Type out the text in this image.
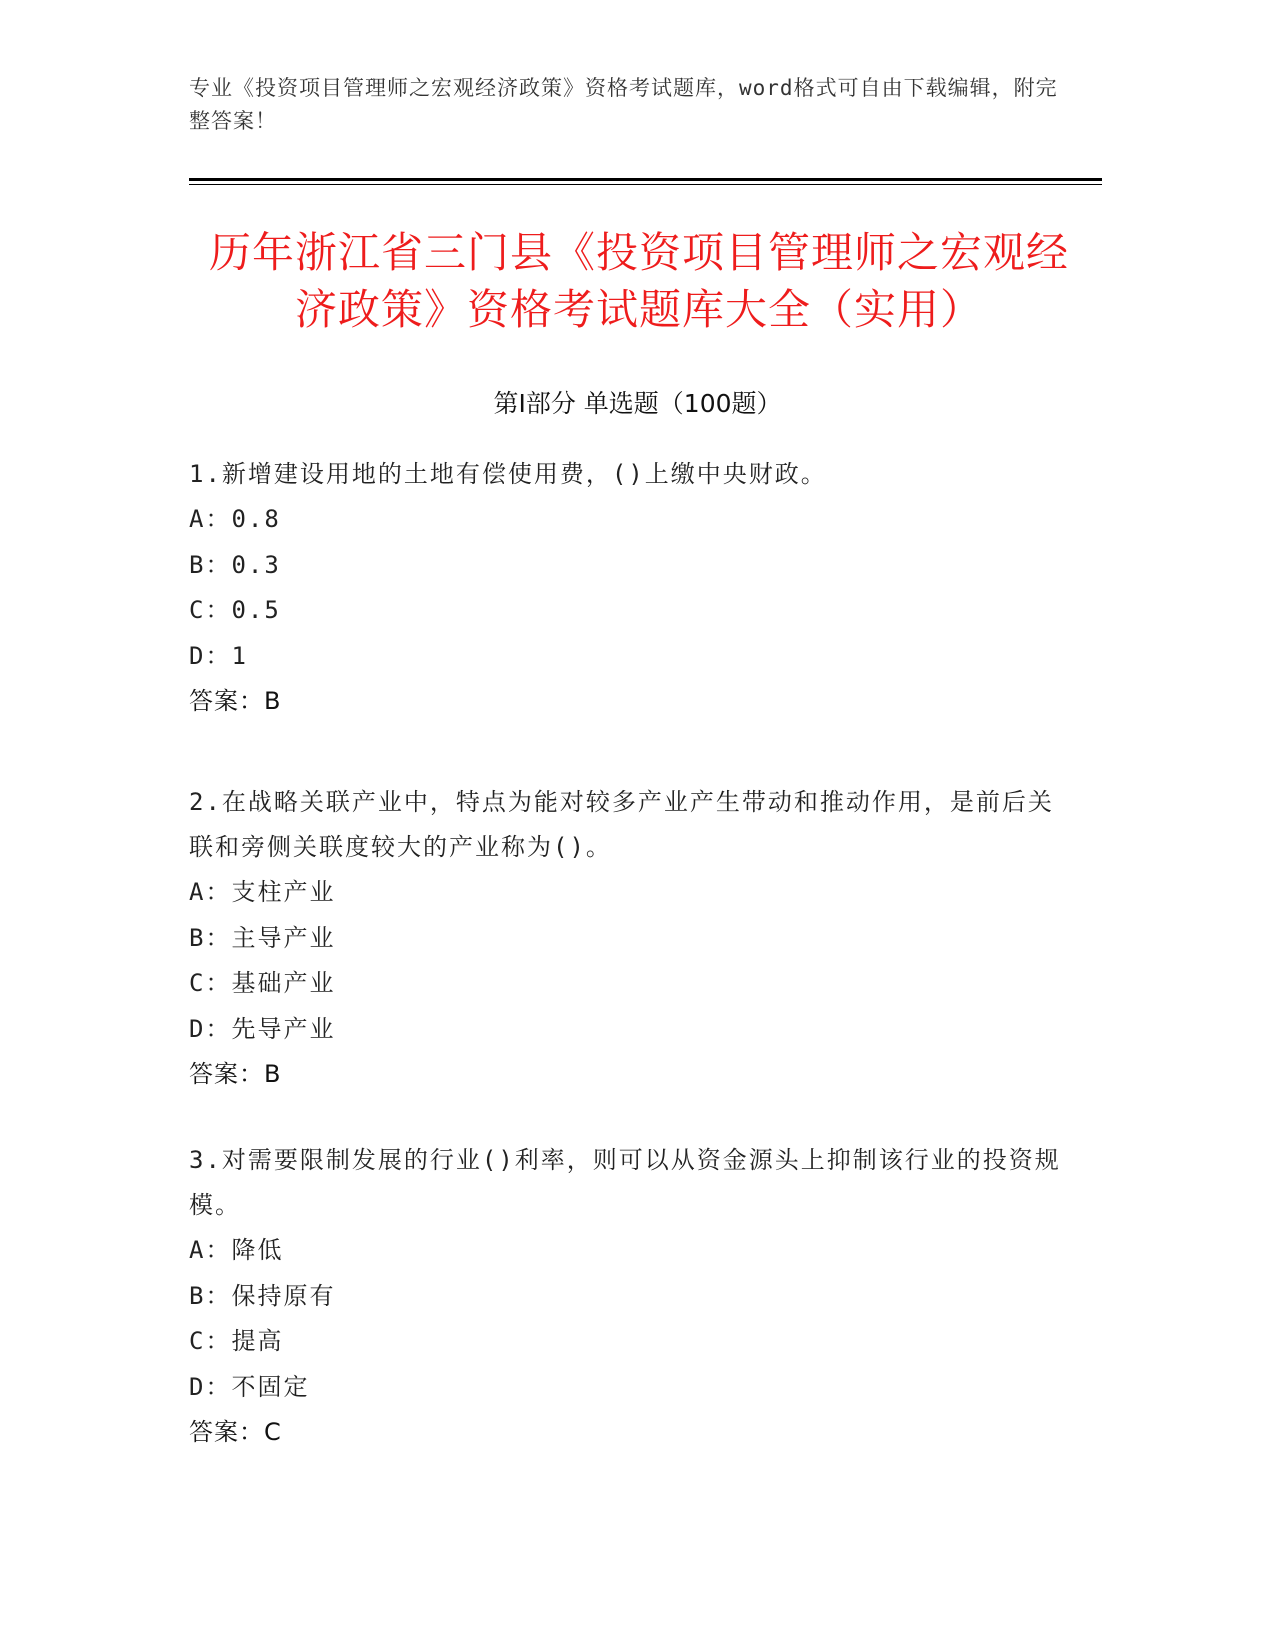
专业《投资项目管理师之宏观经济政策》资格考试题库，word格式可自由下载编辑，附完整答案！
历年浙江省三门县《投资项目管理师之宏观经济政策》资格考试题库大全（实用）
第Ⅰ部分 单选题（100题）
1.新增建设用地的土地有偿使用费，()上缴中央财政。
A：0.8
B：0.3
C：0.5
D：1
答案：B
2.在战略关联产业中，特点为能对较多产业产生带动和推动作用，是前后关联和旁侧关联度较大的产业称为()。
A：支柱产业
B：主导产业
C：基础产业
D：先导产业
答案：B
3.对需要限制发展的行业()利率，则可以从资金源头上抑制该行业的投资规模。
A：降低
B：保持原有
C：提高
D：不固定
答案：C
